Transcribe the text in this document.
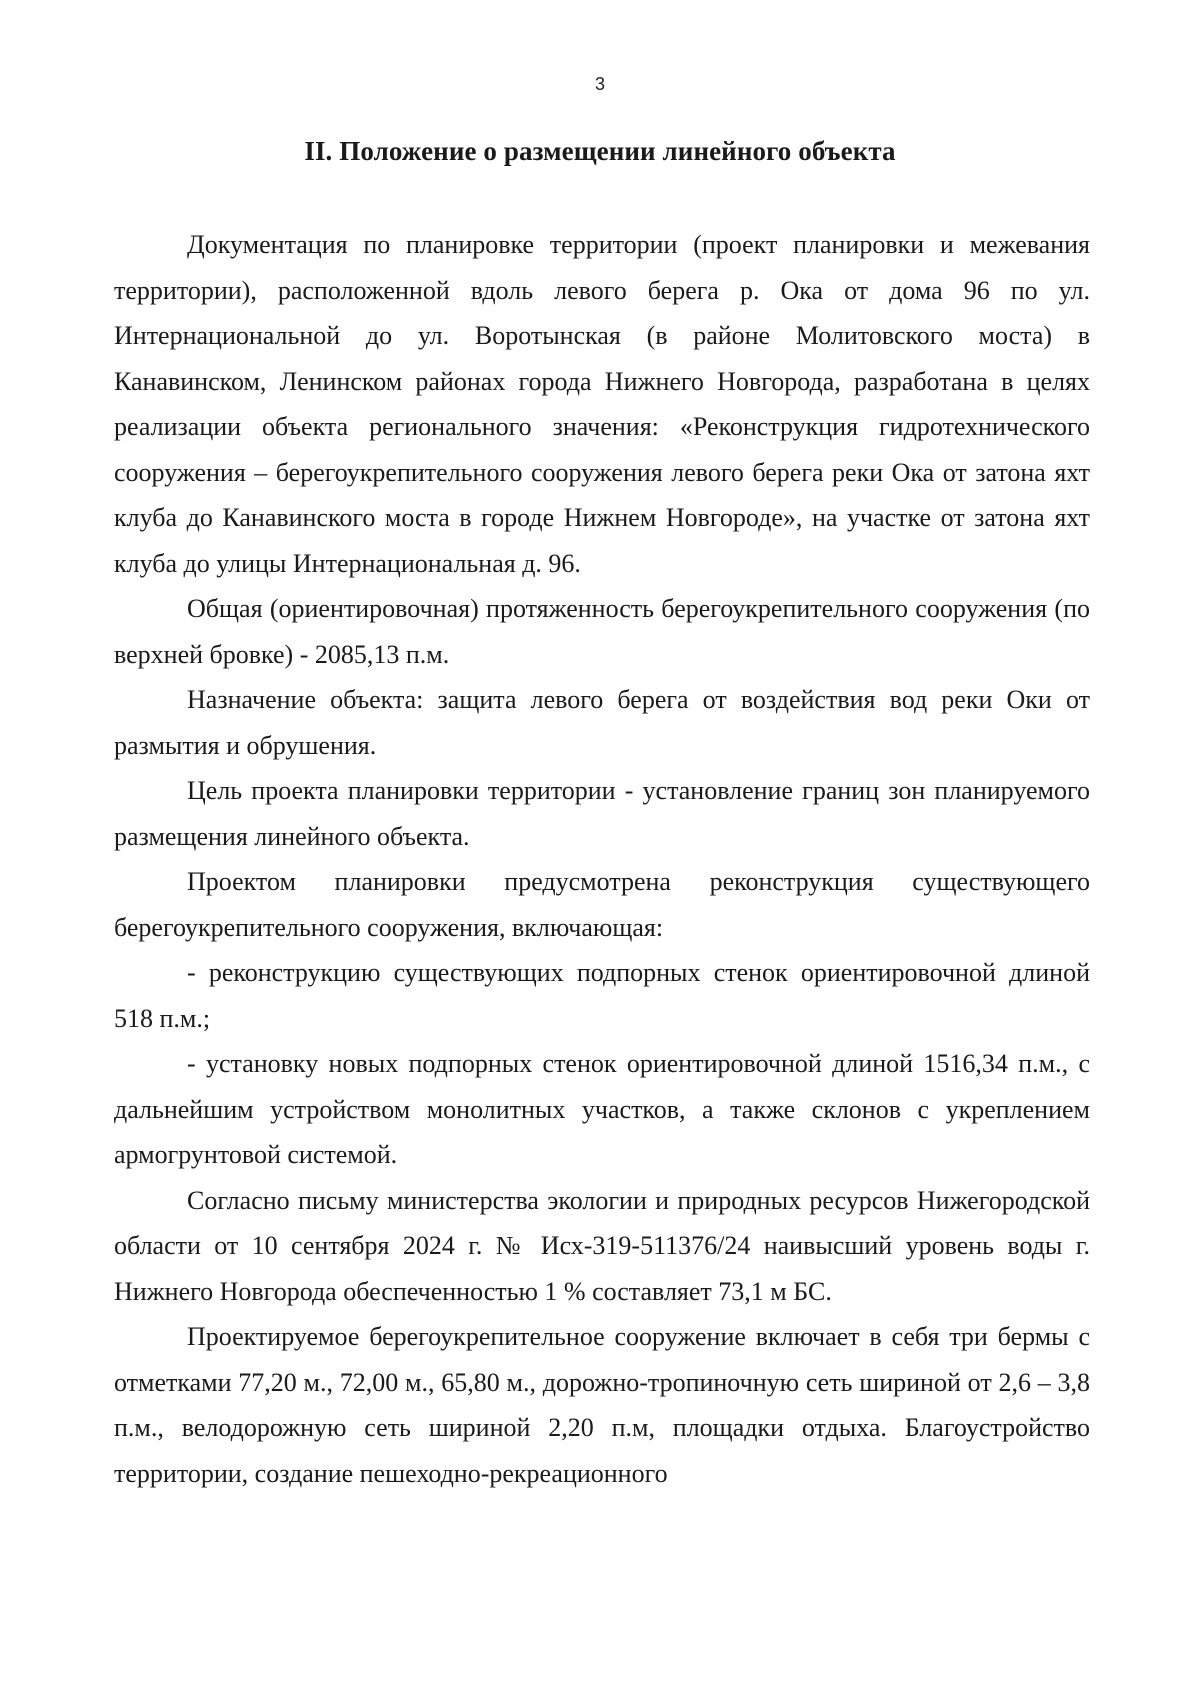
3
II. Положение о размещении линейного объекта

Документация по планировке территории (проект планировки и межевания территории), расположенной вдоль левого берега р. Ока от дома 96 по ул. Интернациональной до ул. Воротынская (в районе Молитовского моста) в Канавинском, Ленинском районах города Нижнего Новгорода, разработана в целях реализации объекта регионального значения: «Реконструкция гидротехнического сооружения – берегоукрепительного сооружения левого берега реки Ока от затона яхт клуба до Канавинского моста в городе Нижнем Новгороде», на участке от затона яхт клуба до улицы Интернациональная д. 96.

Общая (ориентировочная) протяженность берегоукрепительного сооружения (по верхней бровке) - 2085,13 п.м.

Назначение объекта: защита левого берега от воздействия вод реки Оки от размытия и обрушения.

Цель проекта планировки территории - установление границ зон планируемого размещения линейного объекта.

Проектом планировки предусмотрена реконструкция существующего берегоукрепительного сооружения, включающая:

- реконструкцию существующих подпорных стенок ориентировочной длиной 518 п.м.;

- установку новых подпорных стенок ориентировочной длиной 1516,34 п.м., с дальнейшим устройством монолитных участков, а также склонов с укреплением армогрунтовой системой.

Согласно письму министерства экологии и природных ресурсов Нижегородской области от 10 сентября 2024 г. № Исх-319-511376/24 наивысший уровень воды г. Нижнего Новгорода обеспеченностью 1 % составляет 73,1 м БС.

Проектируемое берегоукрепительное сооружение включает в себя три бермы с отметками 77,20 м., 72,00 м., 65,80 м., дорожно-тропиночную сеть шириной от 2,6 – 3,8 п.м., велодорожную сеть шириной 2,20 п.м, площадки отдыха. Благоустройство территории, создание пешеходно-рекреационного
